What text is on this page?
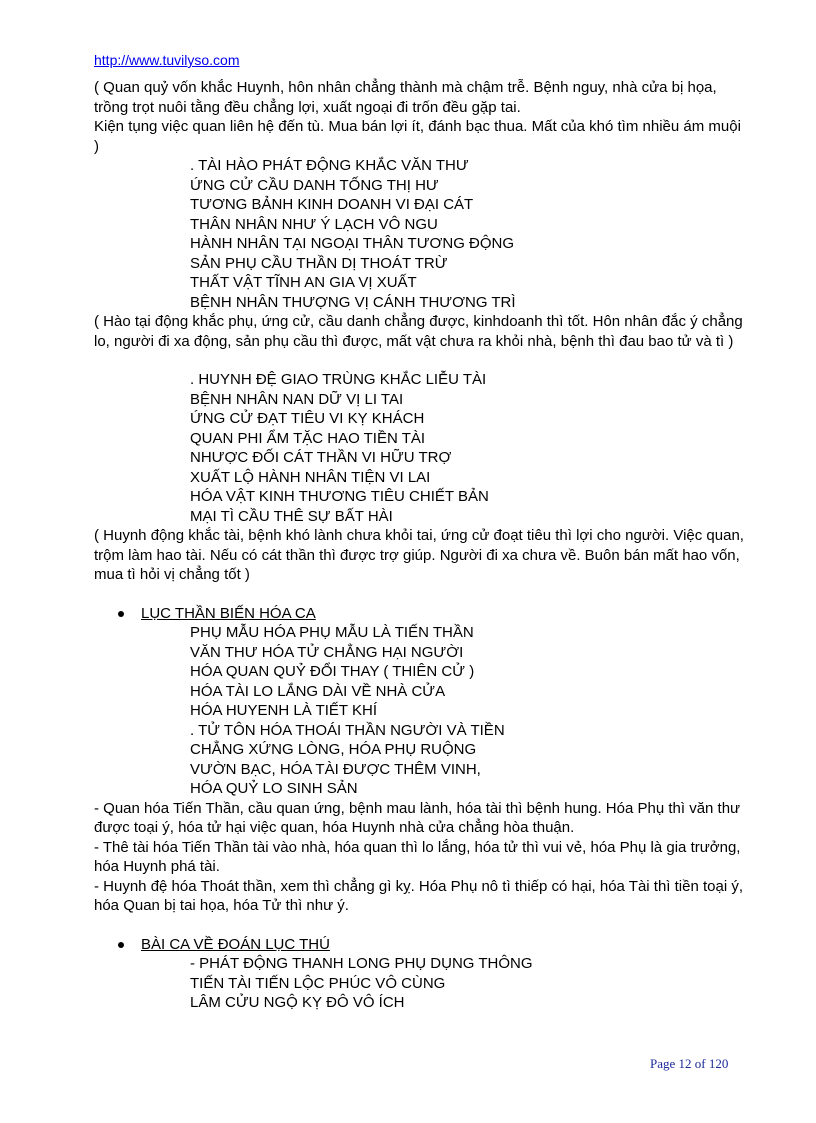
http://www.tuvilyso.com

( Quan quỷ vốn khắc Huynh, hôn nhân chẳng thành mà chậm trễ. Bệnh nguy, nhà cửa bị họa, trồng trọt nuôi tằng đều chẳng lợi, xuất ngoại đi trốn đều gặp tai.

Kiện tụng việc quan liên hệ đến tù. Mua bán lợi ít, đánh bạc thua. Mất của khó tìm nhiều ám muội )

. TÀI HÀO PHÁT ĐỘNG KHẮC VĂN THƯ
ỨNG CỬ CẦU DANH TỐNG THỊ HƯ
TƯƠNG BẢNH KINH DOANH VI ĐẠI CÁT
THÂN NHÂN NHƯ Ý LẠCH VÔ NGU
HÀNH NHÂN TẠI NGOẠI THÂN TƯƠNG ĐỘNG
SẢN PHỤ CẦU THẦN DỊ THOÁT TRỪ
THẤT VẬT TĨNH AN GIA VỊ XUẤT
BỆNH NHÂN THƯỢNG VỊ CÁNH THƯƠNG TRÌ

( Hào tại động khắc phụ, ứng cử, cầu danh chẳng được, kinhdoanh thì tốt. Hôn nhân đắc ý chẳng lo, người đi xa động, sản phụ cầu thì được, mất vật chưa ra khỏi nhà, bệnh thì đau bao tử và tì )

. HUYNH ĐỆ GIAO TRÙNG KHẮC LIỄU TÀI
BỆNH NHÂN NAN DỮ VỊ LI TAI
ỨNG CỬ ĐẠT TIÊU VI KỴ KHÁCH
QUAN PHI ẨM TẶC HAO TIỀN TÀI
NHƯỢC ĐỐI CÁT THẦN VI HỮU TRỢ
XUẤT LỘ HÀNH NHÂN TIỆN VI LAI
HÓA VẬT KINH THƯƠNG TIÊU CHIẾT BẢN
MẠI TÌ CẦU THÊ SỰ BẤT HÀI

( Huynh động khắc tài, bệnh khó lành chưa khỏi tai, ứng cử đoạt tiêu thì lợi cho người. Việc quan, trộm làm hao tài. Nếu có cát thần thì được trợ giúp. Người đi xa chưa về. Buôn bán mất hao vốn, mua tì hỏi vị chẳng tốt )

LỤC THẦN BIẾN HÓA CA
PHỤ MẪU HÓA PHỤ MẪU LÀ TIẾN THẦN
VĂN THƯ HÓA TỬ CHẲNG HẠI NGƯỜI
HÓA QUAN QUỶ ĐỔI THAY ( THIÊN CỬ )
HÓA TÀI LO LẮNG DÀI VỀ NHÀ CỬA
HÓA HUYENH LÀ TIẾT KHÍ
. TỬ TÔN HÓA THOÁI THẦN NGƯỜI VÀ TIỀN
CHẲNG XỨNG LÒNG, HÓA PHỤ RUỘNG
VƯỜN BẠC, HÓA TÀI ĐƯỢC THÊM VINH,
HÓA QUỶ LO SINH SẢN

- Quan hóa Tiến Thần, cầu quan ứng, bệnh mau lành, hóa tài thì bệnh hung. Hóa Phụ thì văn thư được toại ý, hóa tử hại việc quan, hóa Huynh nhà cửa chẳng hòa thuận.

- Thê tài hóa Tiến Thần tài vào nhà, hóa quan thì lo lắng, hóa tử thì vui vẻ, hóa Phụ là gia trưởng, hóa Huynh phá tài.

- Huynh đệ hóa Thoát thần, xem thì chẳng gì kỵ. Hóa Phụ nô tì thiếp có hại, hóa Tài thì tiền toại ý, hóa Quan bị tai họa, hóa Tử thì như ý.

BÀI CA VỀ ĐOÁN LỤC THÚ
- PHÁT ĐỘNG THANH LONG PHỤ DỤNG THÔNG
TIẾN TÀI TIẾN LỘC PHÚC VÔ CÙNG
LÂM CỬU NGỘ KỴ ĐÔ VÔ ÍCH
Page 12 of 120
